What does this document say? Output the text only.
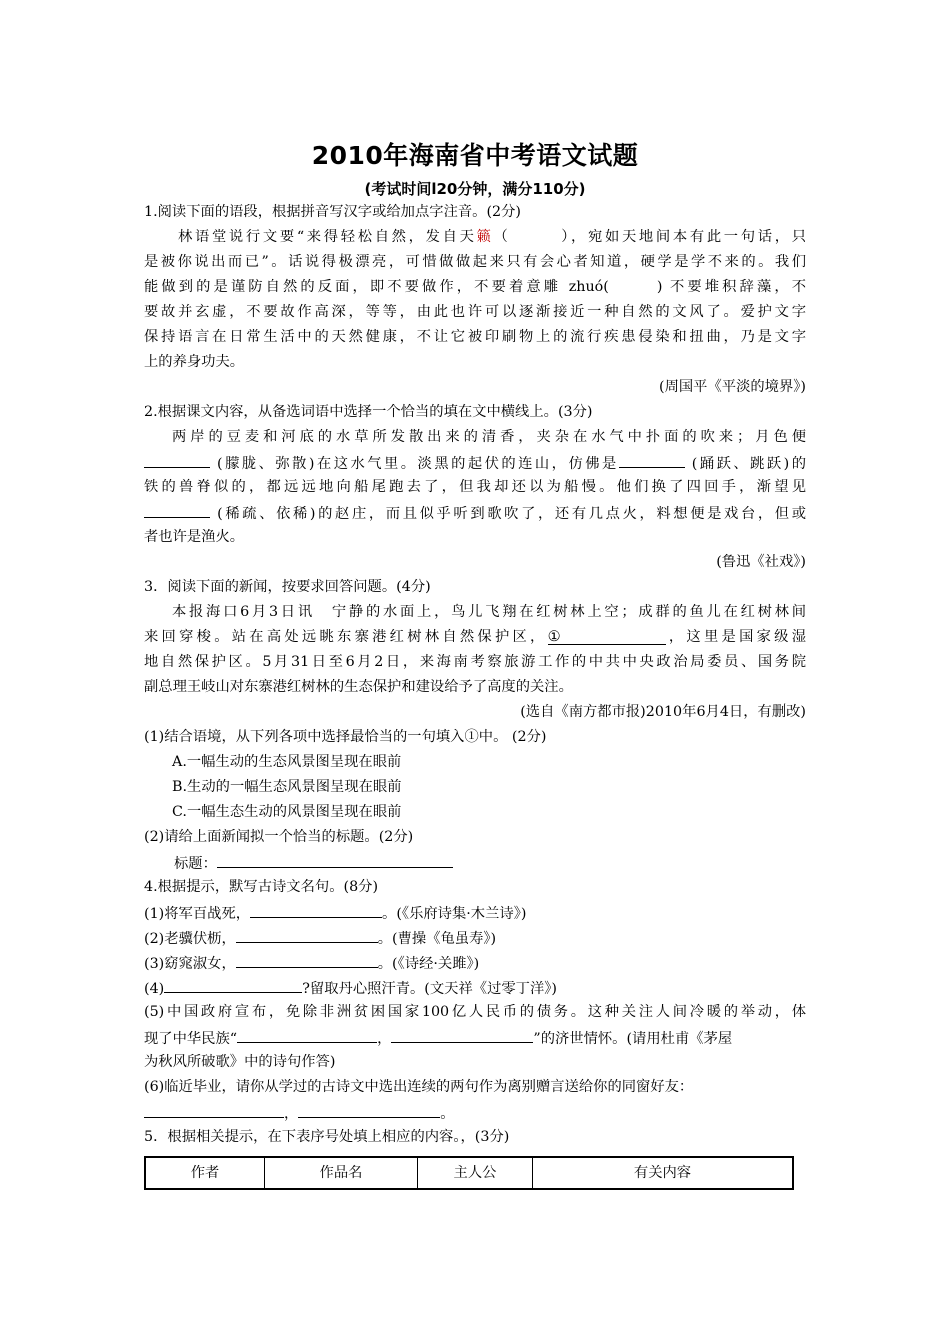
2010年海南省中考语文试题
(考试时间l20分钟，满分110分)
1.阅读下面的语段，根据拼音写汉字或给加点字注音。(2分)
林语堂说行文要“来得轻松自然，发自天籁（	），宛如天地间本有此一句话，只
是被你说出而已”。话说得极漂亮，可惜做做起来只有会心者知道，硬学是学不来的。我们
能做到的是谨防自然的反面，即不要做作，不要着意雕 zhuó(	) 不要堆积辞藻，不
要故并玄虚，不要故作高深，等等，由此也许可以逐渐接近一种自然的文风了。爱护文字
保持语言在日常生活中的天然健康，不让它被印刷物上的流行疾患侵染和扭曲，乃是文字
上的养身功夫。
(周国平《平淡的境界》)
2.根据课文内容，从备选词语中选择一个恰当的填在文中横线上。(3分)
两岸的豆麦和河底的水草所发散出来的清香，夹杂在水气中扑面的吹来；月色便
(朦胧、弥散)在这水气里。淡黑的起伏的连山，仿佛是	(踊跃、跳跃)的
铁的兽脊似的，都远远地向船尾跑去了，但我却还以为船慢。他们换了四回手，渐望见
(稀疏、依稀)的赵庄，而且似乎听到歌吹了，还有几点火，料想便是戏台，但或
者也许是渔火。
(鲁迅《社戏》)
3．阅读下面的新闻，按要求回答问题。(4分)
本报海口6月3日讯　宁静的水面上，鸟儿飞翔在红树林上空；成群的鱼儿在红树林间
来回穿梭。站在高处远眺东寨港红树林自然保护区，①	，这里是国家级湿
地自然保护区。5月31日至6月2日，来海南考察旅游工作的中共中央政治局委员、国务院
副总理王岐山对东寨港红树林的生态保护和建设给予了高度的关注。
(选自《南方都市报)2010年6月4日，有删改)
(1)结合语境，从下列各项中选择最恰当的一句填入①中。 (2分)
A.一幅生动的生态风景图呈现在眼前
B.生动的一幅生态风景图呈现在眼前
C.一幅生态生动的风景图呈现在眼前
(2)请给上面新闻拟一个恰当的标题。(2分)
标题：
4.根据提示，默写古诗文名句。(8分)
(1)将军百战死，	。(《乐府诗集·木兰诗》)
(2)老骥伏枥，	。(曹操《龟虽寿》)
(3)窈窕淑女，	。(《诗经·关雎》)
(4)	?留取丹心照汗青。(文天祥《过零丁洋》)
(5)中国政府宣布，免除非洲贫困国家100亿人民币的债务。这种关注人间冷暖的举动，体
现了中华民族“	，	”的济世情怀。(请用杜甫《茅屋
为秋风所破歌》中的诗句作答)
(6)临近毕业，请你从学过的古诗文中选出连续的两句作为离别赠言送给你的同窗好友：
，	。
5．根据相关提示，在下表序号处填上相应的内容。，(3分)
作者	作品名	主人公	有关内容
